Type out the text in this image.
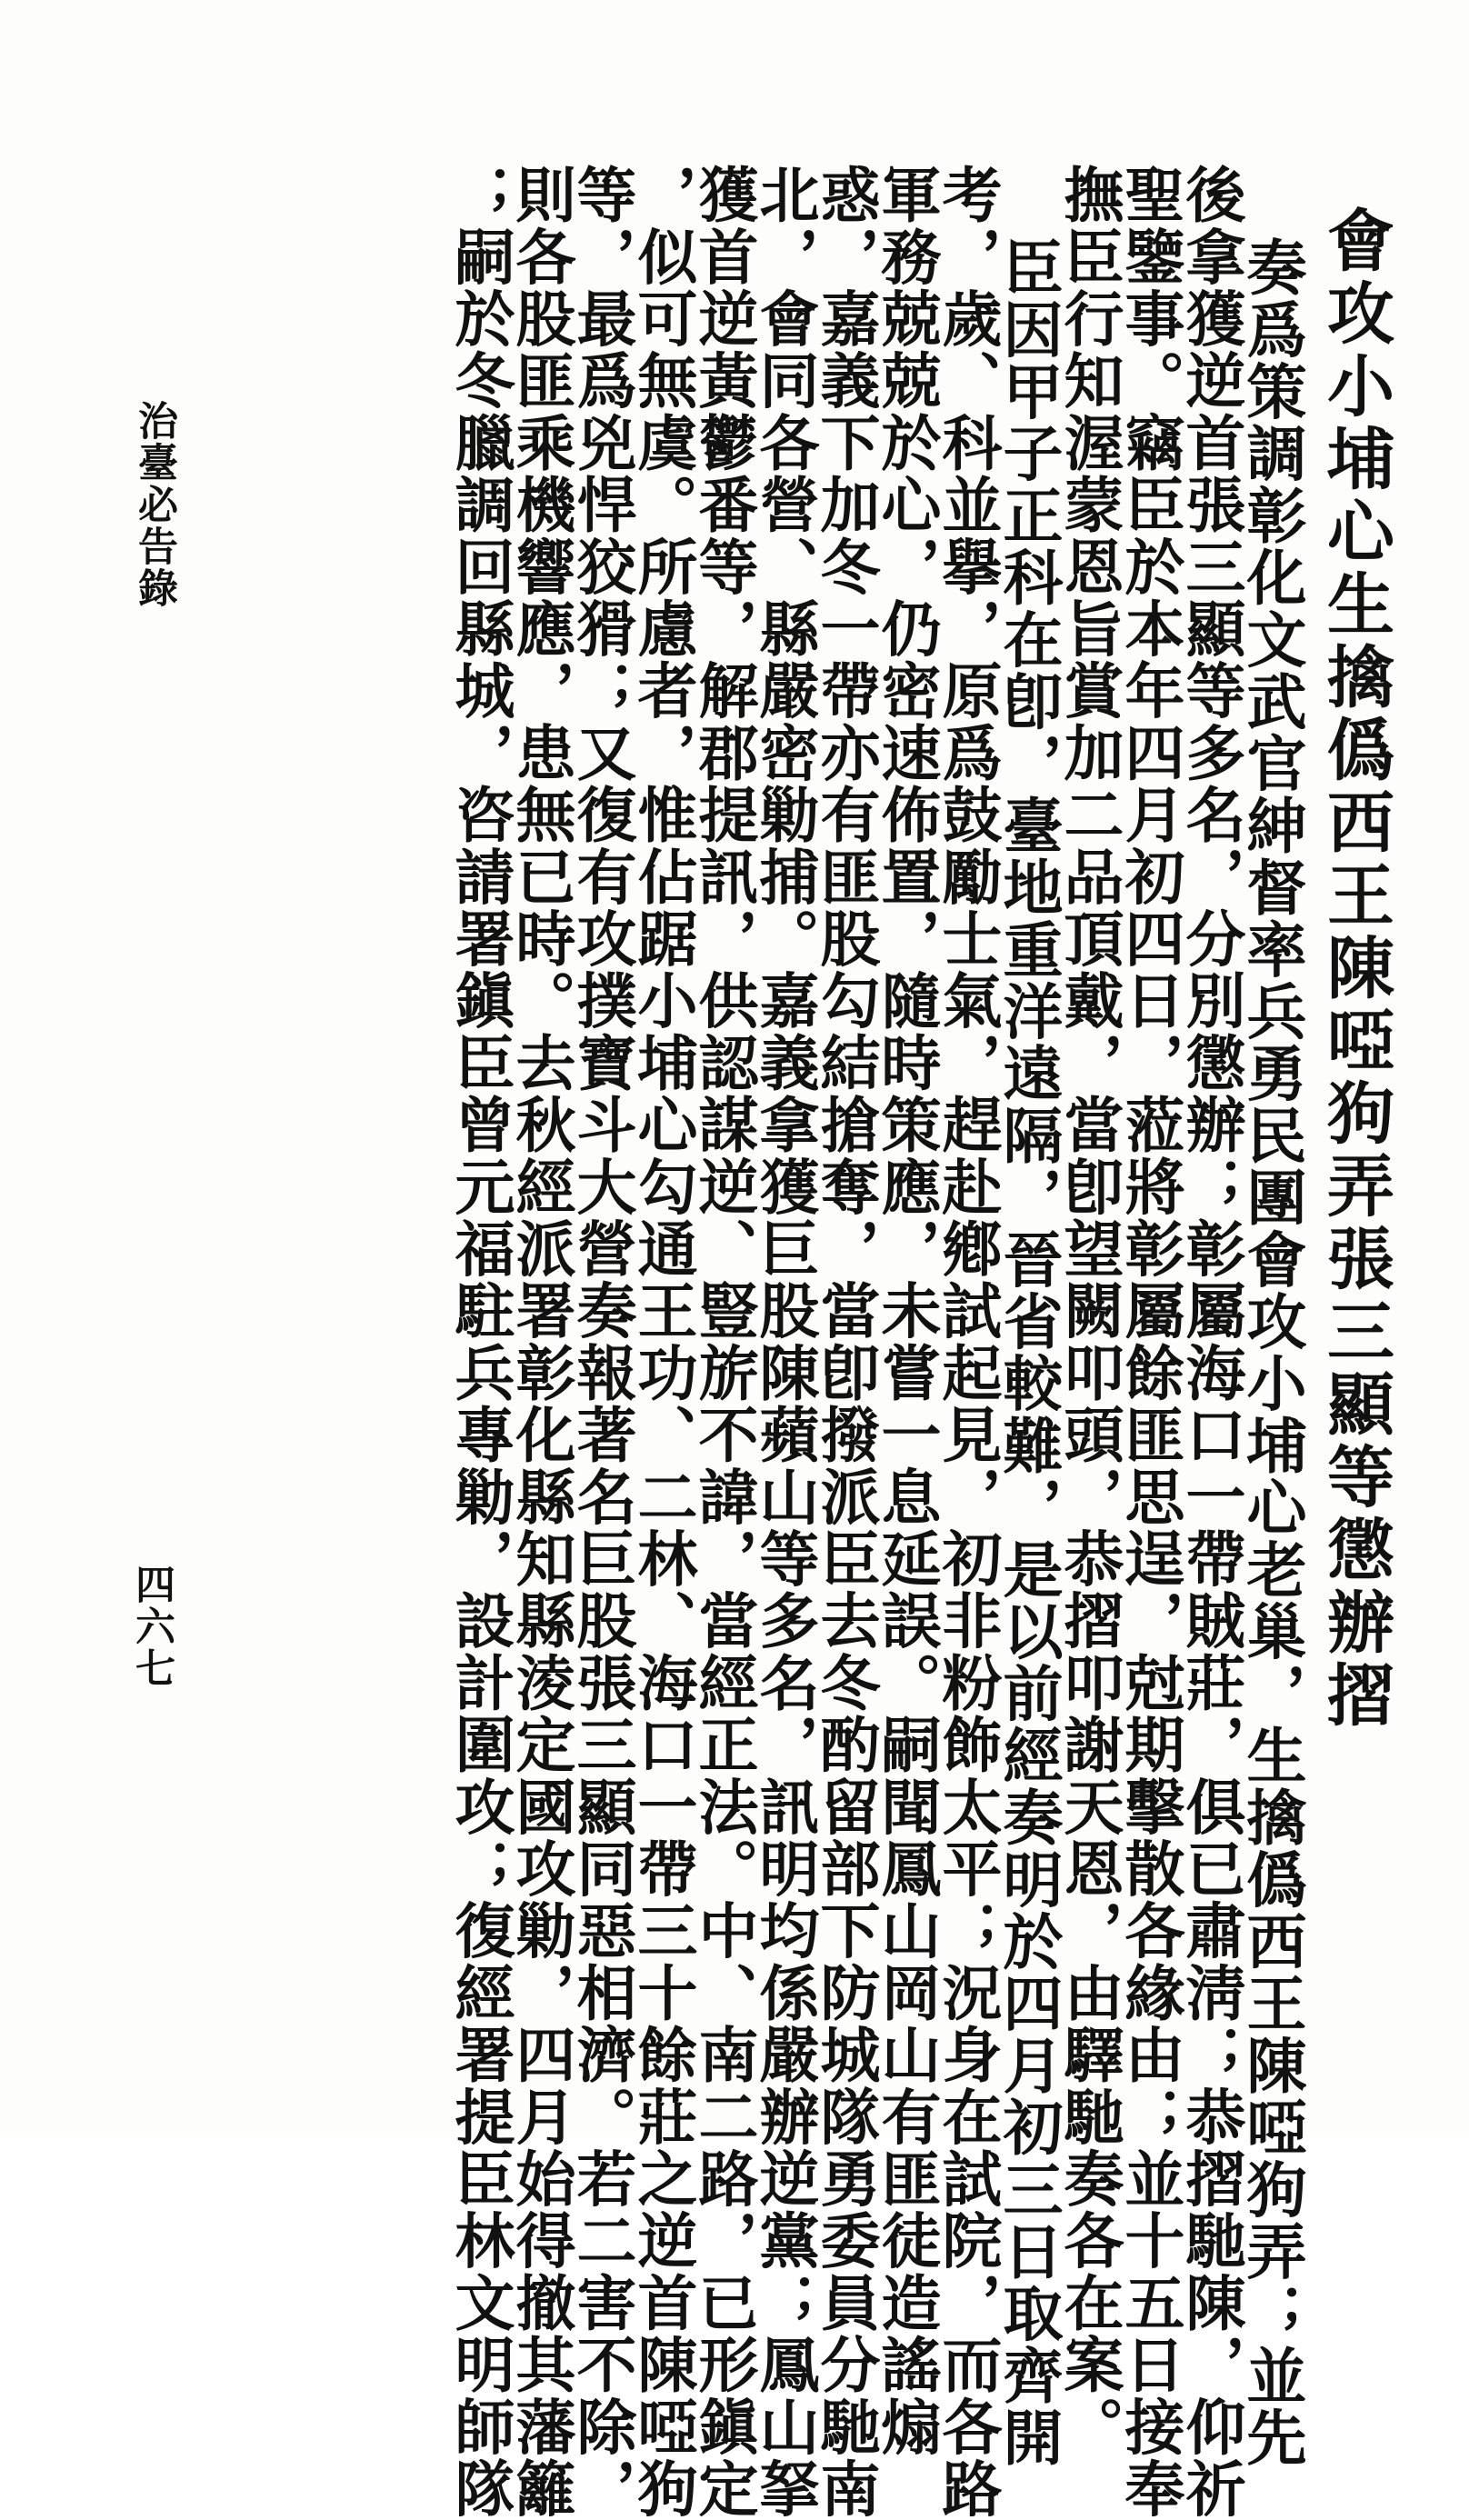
會攻小埔心生擒僞西王陳啞狗弄張三顯等懲辦摺
奏爲策調彰化文武官紳督率兵勇民團會攻小埔心老巢，生擒僞西王陳啞狗弄；並先
後拿獲逆首張三顯等多名，分別懲辦；彰屬海口一帶賊莊，俱已肅淸；恭摺馳陳，仰祈
聖鑒事。竊臣於本年四月初四日，蒞將彰屬餘匪思逞，尅期擊散各緣由；並十五日接奉
撫臣行知渥蒙恩旨賞加二品頂戴，當卽望闕叩頭，恭摺叩謝天恩，由驛馳奏各在案。
臣因甲子正科在卽，臺地重洋遠隔，晉省較難，是以前經奏明於四月初三日取齊開
考，歲、科並擧，原爲鼓勵士氣，趕赴鄕試起見，初非粉飾太平；況身在試院，而各路
軍務兢兢於心，仍密速佈置，隨時策應，未嘗一息延誤。嗣聞鳳山岡山有匪徒造謠煽
惑，嘉義下加冬一帶亦有匪股勾結搶奪，當卽撥派臣去冬酌留部下防城隊勇委員分馳南
北，會同各營、縣嚴密勦捕。嘉義拿獲巨股陳蘋山等多名，訊明均係嚴辦逆黨；鳳山拏
獲首逆黃鬱番等，解郡提訊，供認謀逆、豎旂不諱，當經正法。中、南二路，已形鎭定
，似可無虞。所慮者，惟佔踞小埔心勾通王功、二林、海口一帶三十餘莊之逆首陳啞狗
等，最爲兇悍狡猾；又復有攻撲寶斗大營奏報著名巨股張三顯同惡相濟。若二害不除，
則各股匪乘機響應，患無已時。去秋經派署彰化縣知縣淩定國攻勦，四月始得撤其藩籬
；嗣於冬臘調回縣城，咨請署鎭臣曾元福駐兵專勦，設計圍攻；復經署提臣林文明師隊
四六七
治臺必告錄
